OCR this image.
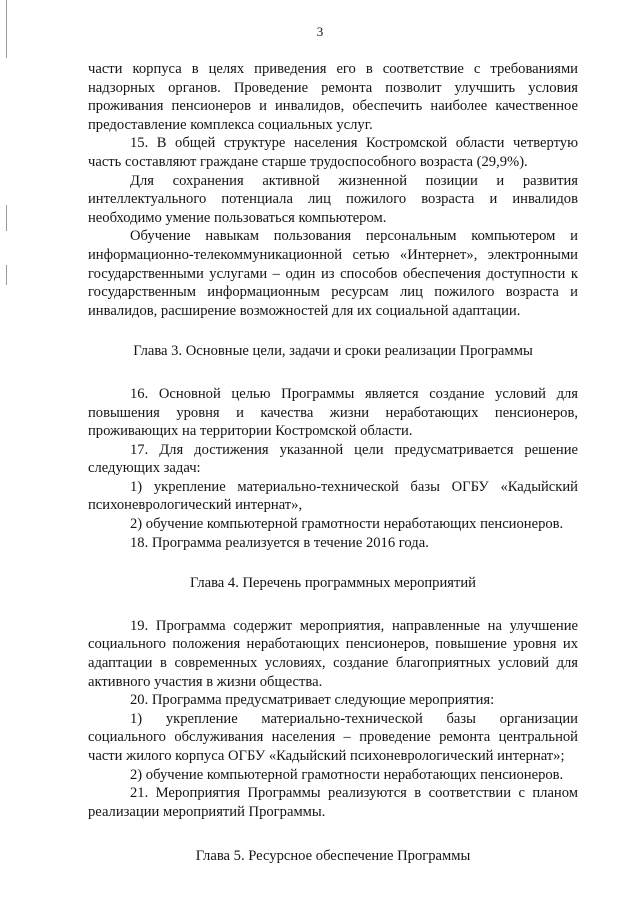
3

части корпуса в целях приведения его в соответствие с требованиями надзорных органов. Проведение ремонта позволит улучшить условия проживания пенсионеров и инвалидов, обеспечить наиболее качественное предоставление комплекса социальных услуг.

15. В общей структуре населения Костромской области четвертую часть составляют граждане старше трудоспособного возраста (29,9%).

Для сохранения активной жизненной позиции и развития интеллектуального потенциала лиц пожилого возраста и инвалидов необходимо умение пользоваться компьютером.

Обучение навыкам пользования персональным компьютером и информационно-телекоммуникационной сетью «Интернет», электронными государственными услугами – один из способов обеспечения доступности к государственным информационным ресурсам лиц пожилого возраста и инвалидов, расширение возможностей для их социальной адаптации.

Глава 3. Основные цели, задачи и сроки реализации Программы

16. Основной целью Программы является создание условий для повышения уровня и качества жизни неработающих пенсионеров, проживающих на территории Костромской области.

17. Для достижения указанной цели предусматривается решение следующих задач:

1) укрепление материально-технической базы ОГБУ «Кадыйский психоневрологический интернат»,

2) обучение компьютерной грамотности неработающих пенсионеров.

18. Программа реализуется в течение 2016 года.

Глава 4. Перечень программных мероприятий

19. Программа содержит мероприятия, направленные на улучшение социального положения неработающих пенсионеров, повышение уровня их адаптации в современных условиях, создание благоприятных условий для активного участия в жизни общества.

20. Программа предусматривает следующие мероприятия:

1) укрепление материально-технической базы организации социального обслуживания населения – проведение ремонта центральной части жилого корпуса ОГБУ «Кадыйский психоневрологический интернат»;

2) обучение компьютерной грамотности неработающих пенсионеров.

21. Мероприятия Программы реализуются в соответствии с планом реализации мероприятий Программы.

Глава 5. Ресурсное обеспечение Программы
